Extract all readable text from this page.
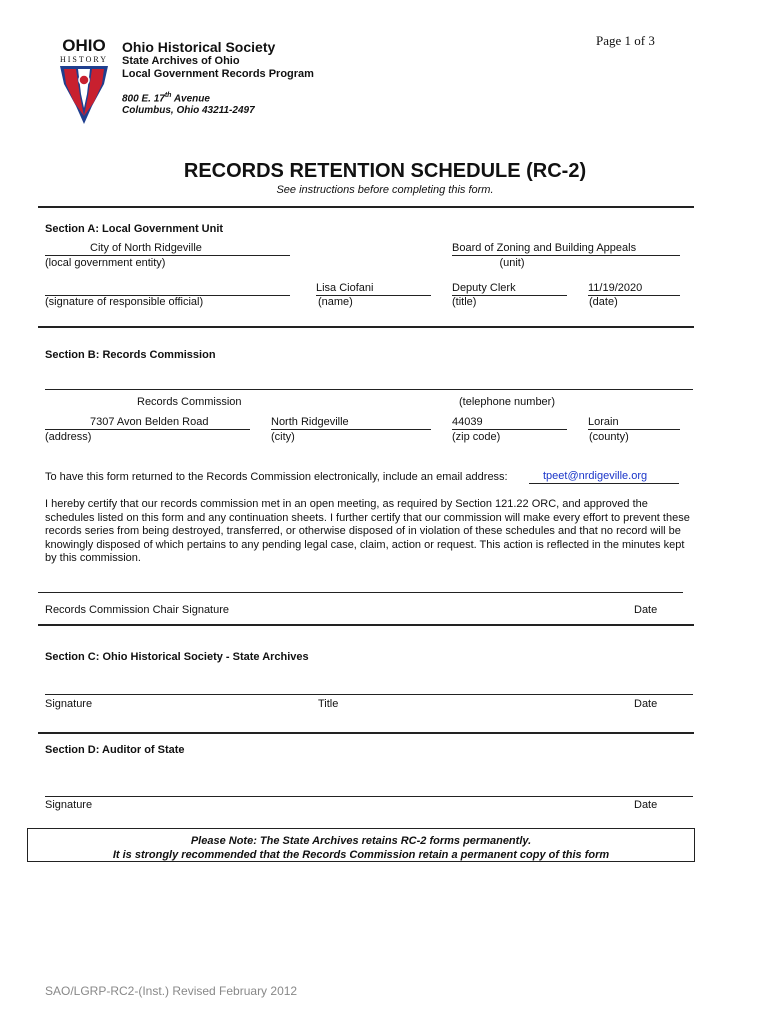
Page 1 of 3
OHIO
HISTORY
Ohio Historical Society
State Archives of Ohio
Local Government Records Program
800 E. 17th Avenue
Columbus, Ohio 43211-2497
RECORDS RETENTION SCHEDULE (RC-2)
See instructions before completing this form.
Section A: Local Government Unit
City of North Ridgeville
(local government entity)
Board of Zoning and Building Appeals
(unit)
(signature of responsible official)
Lisa Ciofani
(name)
Deputy Clerk
(title)
11/19/2020
(date)
Section B: Records Commission
Records Commission	(telephone number)
7307 Avon Belden Road
(address)
North Ridgeville
(city)
44039
(zip code)
Lorain
(county)
To have this form returned to the Records Commission electronically, include an email address:	tpeet@nrdigeville.org
I hereby certify that our records commission met in an open meeting, as required by Section 121.22 ORC, and approved the schedules listed on this form and any continuation sheets. I further certify that our commission will make every effort to prevent these records series from being destroyed, transferred, or otherwise disposed of in violation of these schedules and that no record will be knowingly disposed of which pertains to any pending legal case, claim, action or request. This action is reflected in the minutes kept by this commission.
Records Commission Chair Signature	Date
Section C: Ohio Historical Society - State Archives
Signature	Title	Date
Section D: Auditor of State
Signature	Date
Please Note: The State Archives retains RC-2 forms permanently.
It is strongly recommended that the Records Commission retain a permanent copy of this form
SAO/LGRP-RC2-(Inst.) Revised February 2012
